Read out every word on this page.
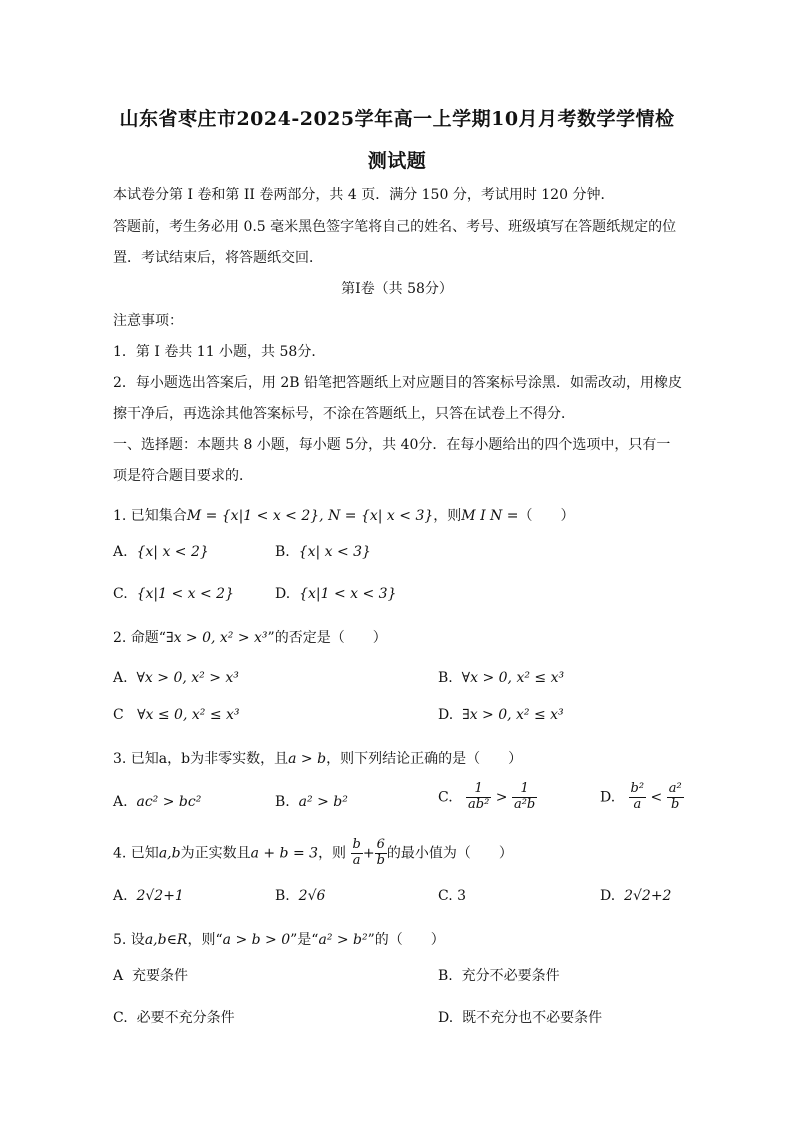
山东省枣庄市2024-2025学年高一上学期10月月考数学学情检
测试题
本试卷分第 I 卷和第 II 卷两部分，共 4 页．满分 150 分，考试用时 120 分钟．
答题前，考生务必用 0.5 毫米黑色签字笔将自己的姓名、考号、班级填写在答题纸规定的位
置．考试结束后，将答题纸交回．
第Ⅰ卷（共 58分）
注意事项：
1．第 I 卷共 11 小题，共 58分．
2．每小题选出答案后，用 2B 铅笔把答题纸上对应题目的答案标号涂黑．如需改动，用橡皮
擦干净后，再选涂其他答案标号，不涂在答题纸上，只答在试卷上不得分．
一、选择题：本题共 8 小题，每小题 5分，共 40分．在每小题给出的四个选项中，只有一
项是符合题目要求的．
1. 已知集合M = {x|1 < x < 2}, N = {x| x < 3}，则M Ⅰ N =（　　）
A. {x| x < 2}	B. {x| x < 3}
C. {x|1 < x < 2}	D. {x|1 < x < 3}
2. 命题“∃x > 0, x² > x³”的否定是（　　）
A. ∀x > 0, x² > x³	B. ∀x > 0, x² ≤ x³
C ∀x ≤ 0, x² ≤ x³	D. ∃x > 0, x² ≤ x³
3. 已知a，b为非零实数，且a > b，则下列结论正确的是（　　）
A. ac² > bc²	B. a² > b²	C. $\frac{1}{\text{ab²}} > \frac{1}{\text{a²b}}$	D. $\frac{\text{b²}}{a} < \frac{\text{a²}}{b}$
4. 已知a,b为正实数且a + b = 3，则 $\frac{b}{a} + \frac{6}{b}$ 的最小值为（　　）
A. 2√2+1	B. 2√6	C. 3	D. 2√2+2
5. 设a,b∈R，则“a > b > 0”是“a² > b²”的（　　）
A 充要条件	B. 充分不必要条件
C. 必要不充分条件	D. 既不充分也不必要条件
